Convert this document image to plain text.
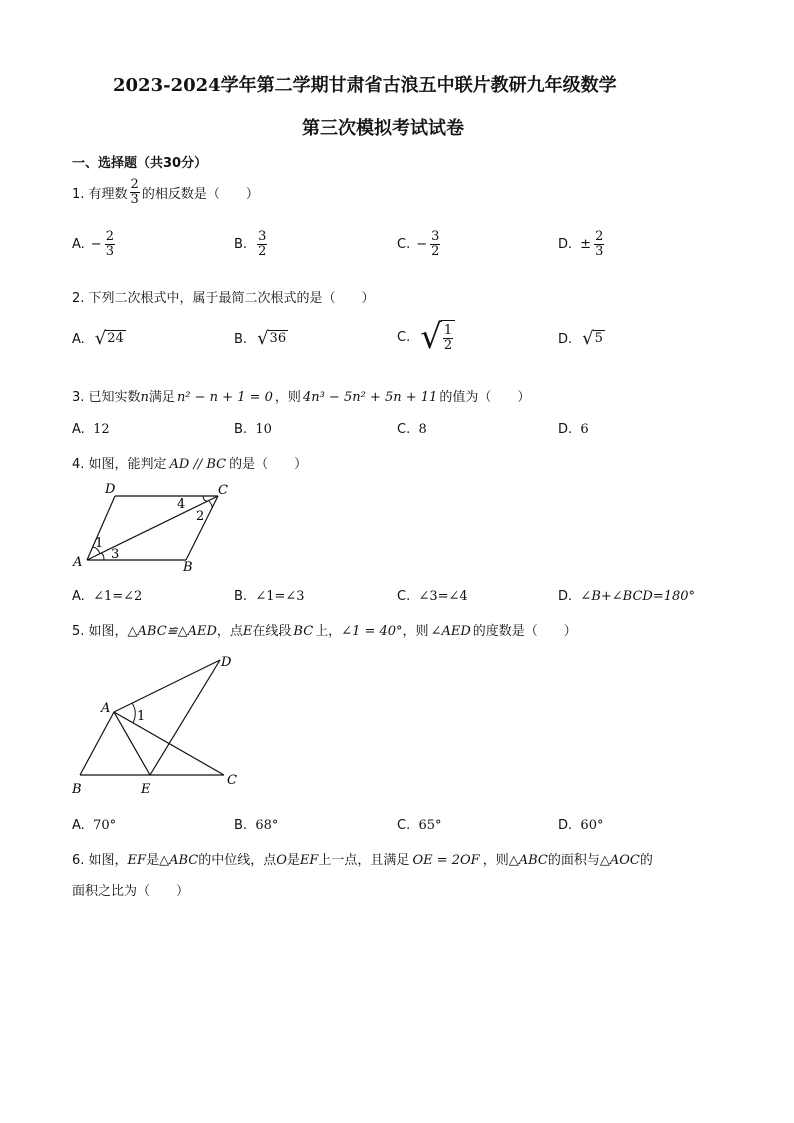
2023-2024学年第二学期甘肃省古浪五中联片教研九年级数学
第三次模拟考试试卷
一、选择题（共30分）
1. 有理数 $\frac{2}{3}$ 的相反数是（　　）
A. − $\frac{2}{3}$	B. $\frac{3}{2}$	C. − $\frac{3}{2}$	D. ± $\frac{2}{3}$
2. 下列二次根式中，属于最简二次根式的是（　　）
A. √ 24	B. √ 36	C. √ $\frac{1}{2}$	D. √ 5
3. 已知实数n满足 n² − n + 1 = 0 ，则 4n³ − 5n² + 5n + 11 的值为（　　）
A. 12	B. 10	C. 8	D. 6
4. 如图，能判定 AD // BC 的是（　　）
D	C
A	B
4
2
1
3
A. ∠1=∠2	B. ∠1=∠3	C. ∠3=∠4	D. ∠B+∠BCD=180°
5. 如图，△ABC≌△AED，点E在线段 BC 上，∠1 = 40°，则 ∠AED 的度数是（　　）
A
D
B	E
C
1
A. 70°	B. 68°	C. 65°	D. 60°
6. 如图，EF是△ABC的中位线，点O是EF上一点，且满足 OE = 2OF ，则△ABC的面积与△AOC的
面积之比为（　　）
